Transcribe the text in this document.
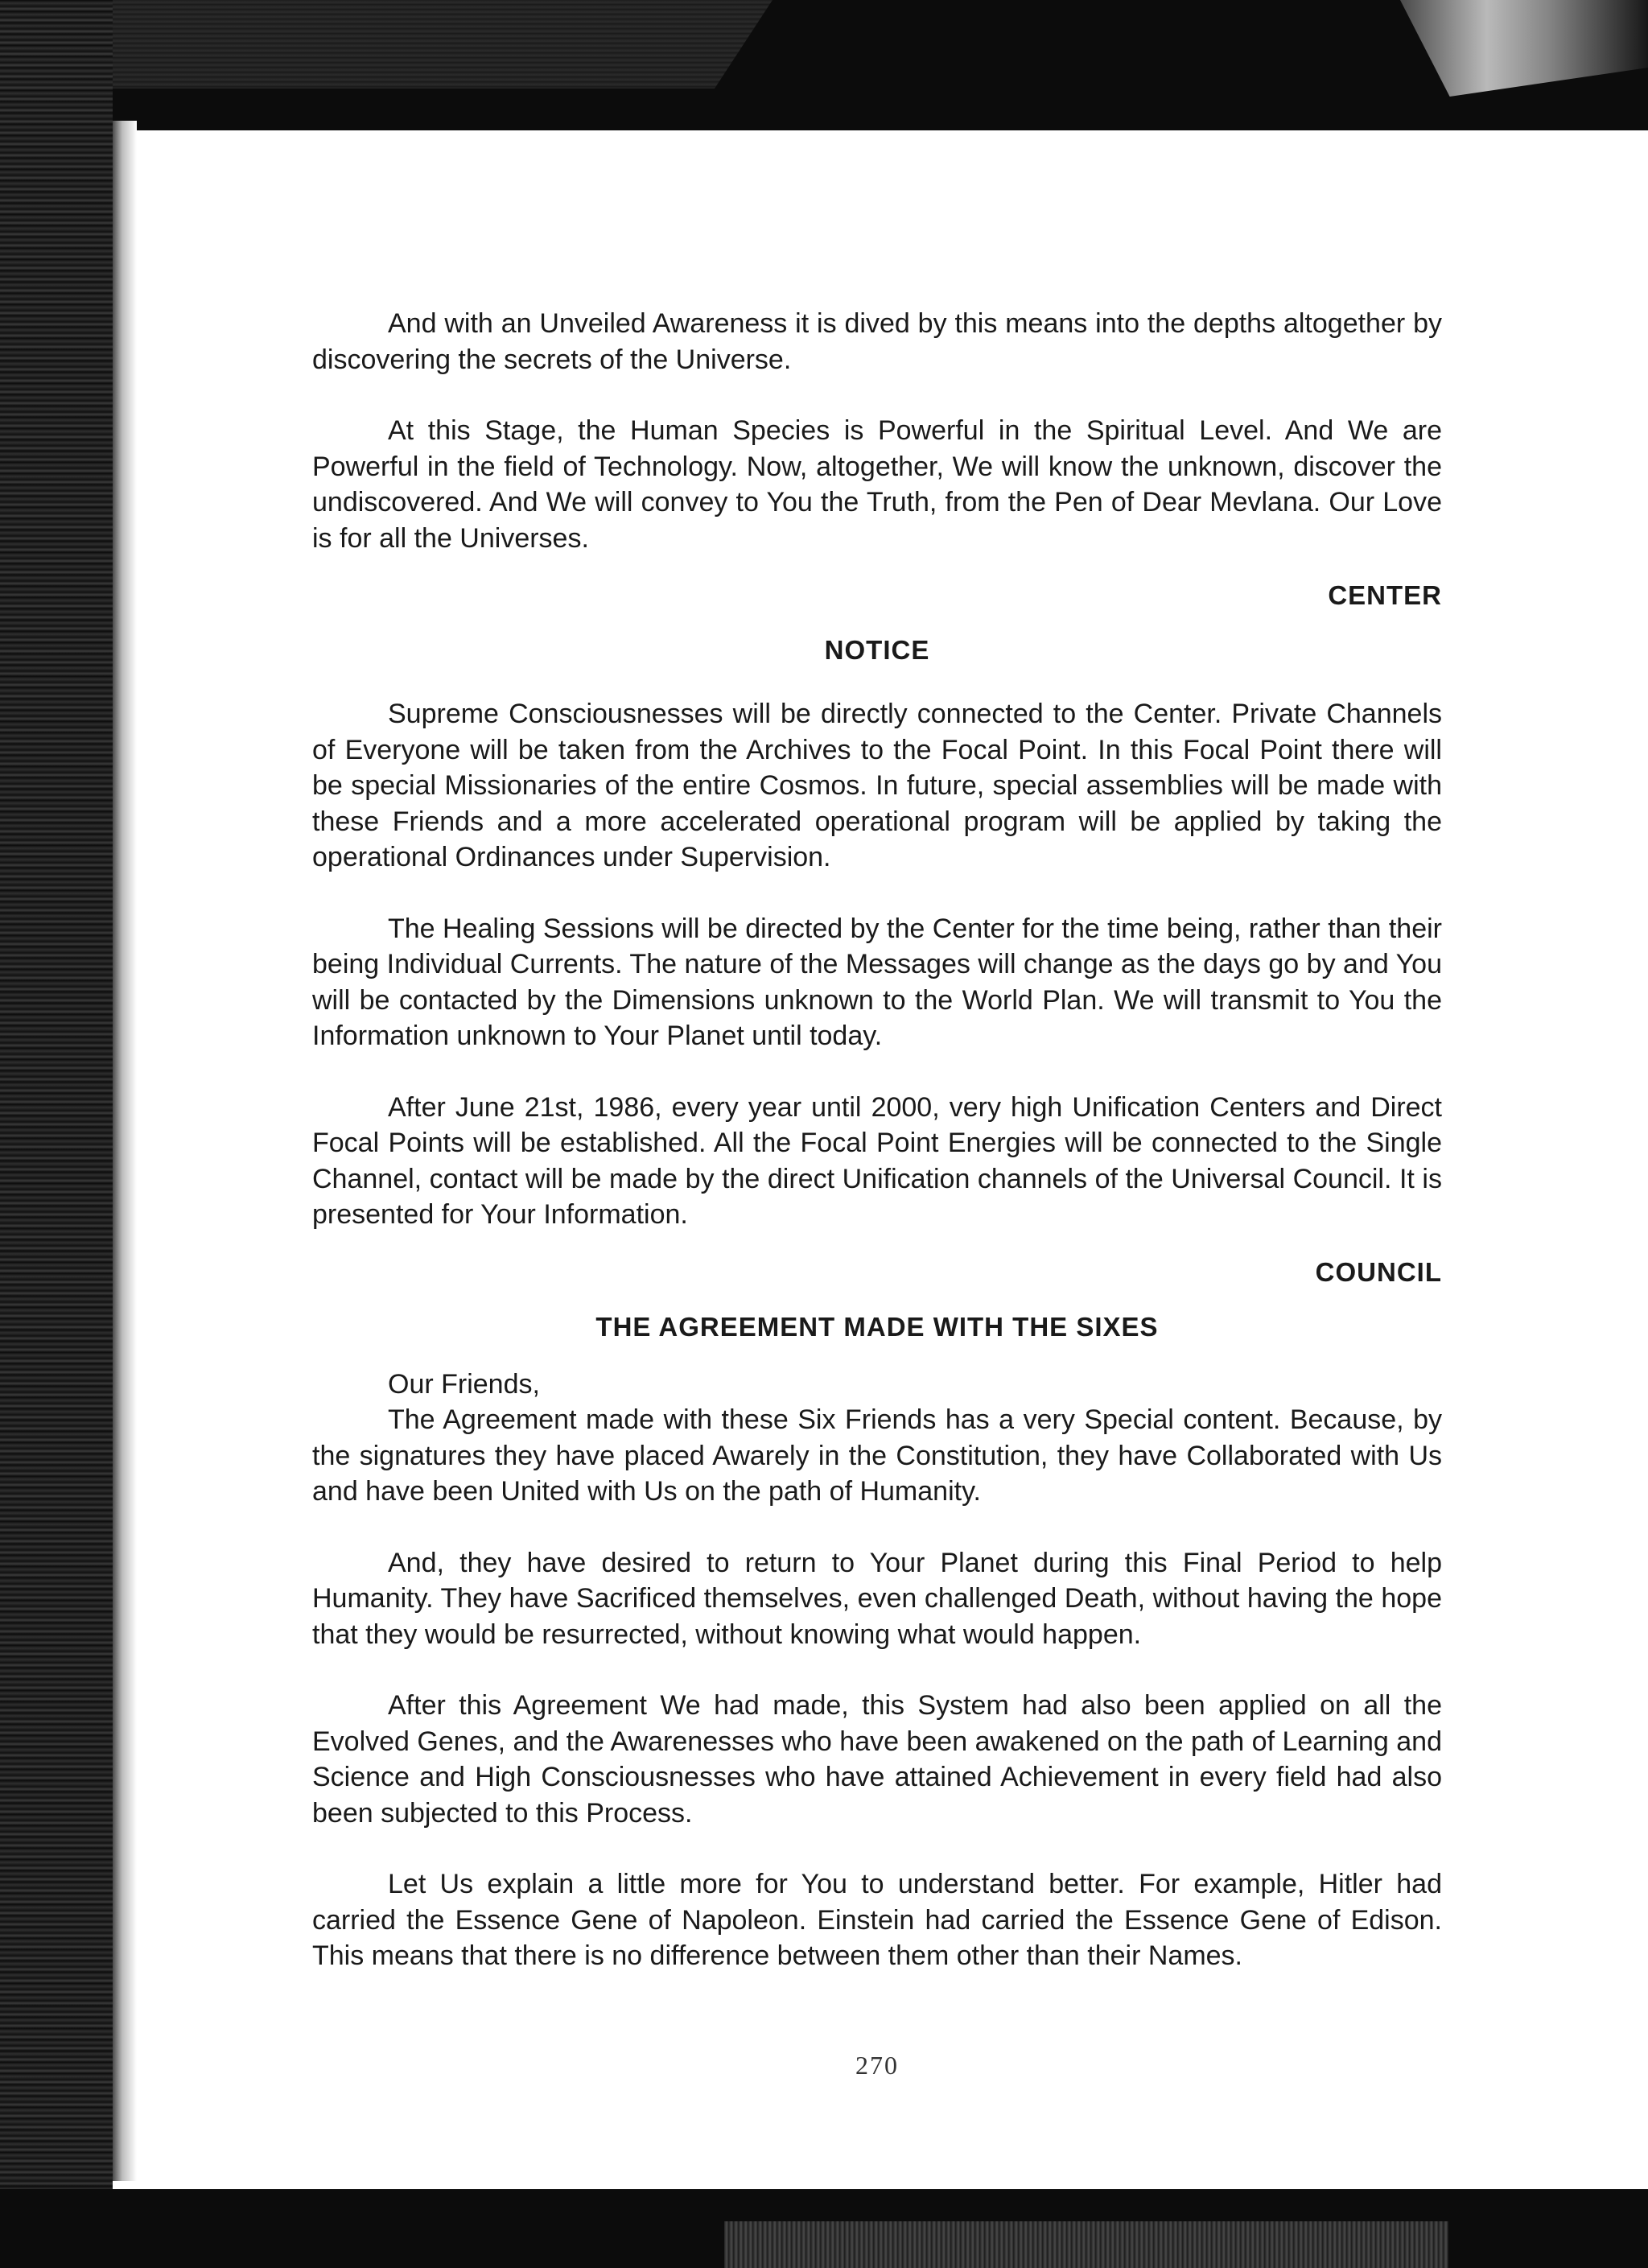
And with an Unveiled Awareness it is dived by this means into the depths altogether by discovering the secrets of the Universe.

At this Stage, the Human Species is Powerful in the Spiritual Level. And We are Powerful in the field of Technology. Now, altogether, We will know the unknown, discover the undiscovered. And We will convey to You the Truth, from the Pen of Dear Mevlana. Our Love is for all the Universes.

CENTER

NOTICE

Supreme Consciousnesses will be directly connected to the Center. Private Channels of Everyone will be taken from the Archives to the Focal Point. In this Focal Point there will be special Missionaries of the entire Cosmos. In future, special assemblies will be made with these Friends and a more accelerated operational program will be applied by taking the operational Ordinances under Supervision.

The Healing Sessions will be directed by the Center for the time being, rather than their being Individual Currents. The nature of the Messages will change as the days go by and You will be contacted by the Dimensions unknown to the World Plan. We will transmit to You the Information unknown to Your Planet until today.

After June 21st, 1986, every year until 2000, very high Unification Centers and Direct Focal Points will be established. All the Focal Point Energies will be connected to the Single Channel, contact will be made by the direct Unification channels of the Universal Council. It is presented for Your Information.

COUNCIL

THE AGREEMENT MADE WITH THE SIXES

Our Friends,

The Agreement made with these Six Friends has a very Special content. Because, by the signatures they have placed Awarely in the Constitution, they have Collaborated with Us and have been United with Us on the path of Humanity.

And, they have desired to return to Your Planet during this Final Period to help Humanity. They have Sacrificed themselves, even challenged Death, without having the hope that they would be resurrected, without knowing what would happen.

After this Agreement We had made, this System had also been applied on all the Evolved Genes, and the Awarenesses who have been awakened on the path of Learning and Science and High Consciousnesses who have attained Achievement in every field had also been subjected to this Process.

Let Us explain a little more for You to understand better. For example, Hitler had carried the Essence Gene of Napoleon. Einstein had carried the Essence Gene of Edison. This means that there is no difference between them other than their Names.

270
